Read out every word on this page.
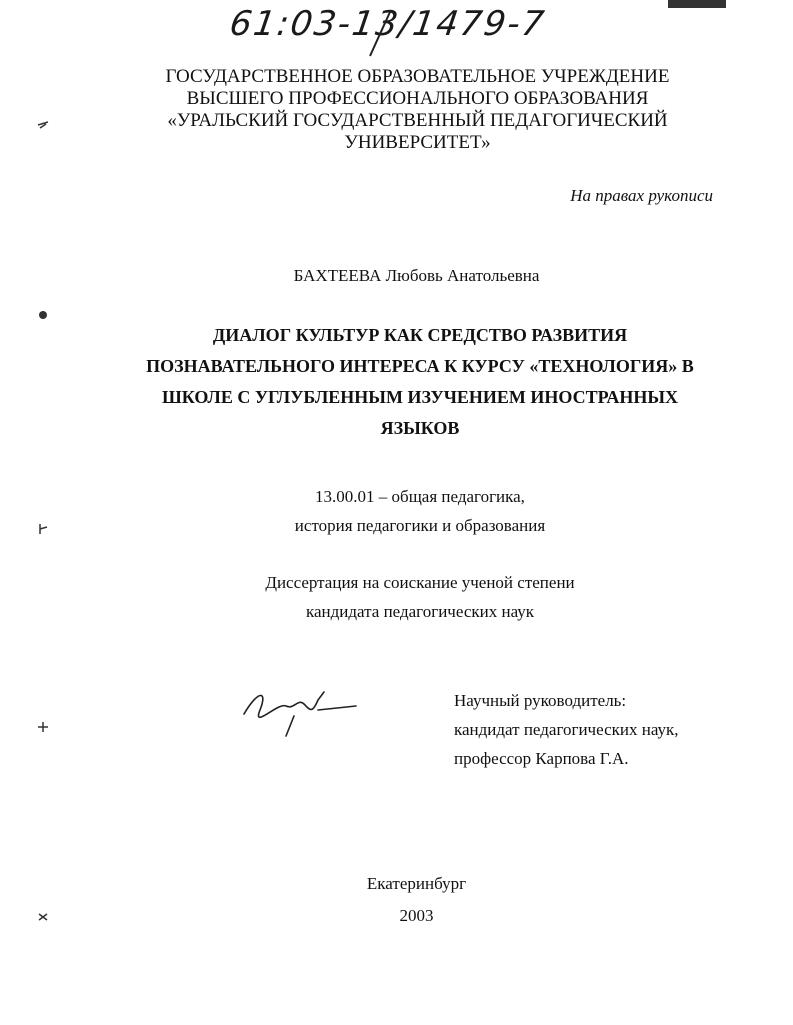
61:03-13/1479-7
ГОСУДАРСТВЕННОЕ ОБРАЗОВАТЕЛЬНОЕ УЧРЕЖДЕНИЕ
ВЫСШЕГО ПРОФЕССИОНАЛЬНОГО ОБРАЗОВАНИЯ
«УРАЛЬСКИЙ ГОСУДАРСТВЕННЫЙ ПЕДАГОГИЧЕСКИЙ
УНИВЕРСИТЕТ»
На правах рукописи
БАХТЕЕВА Любовь Анатольевна
ДИАЛОГ КУЛЬТУР КАК СРЕДСТВО РАЗВИТИЯ
ПОЗНАВАТЕЛЬНОГО ИНТЕРЕСА К КУРСУ «ТЕХНОЛОГИЯ» В
ШКОЛЕ С УГЛУБЛЕННЫМ ИЗУЧЕНИЕМ ИНОСТРАННЫХ
ЯЗЫКОВ
13.00.01 – общая педагогика,
история педагогики и образования
Диссертация на соискание ученой степени
кандидата педагогических наук
Научный руководитель:
кандидат педагогических наук,
профессор Карпова Г.А.
Екатеринбург
2003
